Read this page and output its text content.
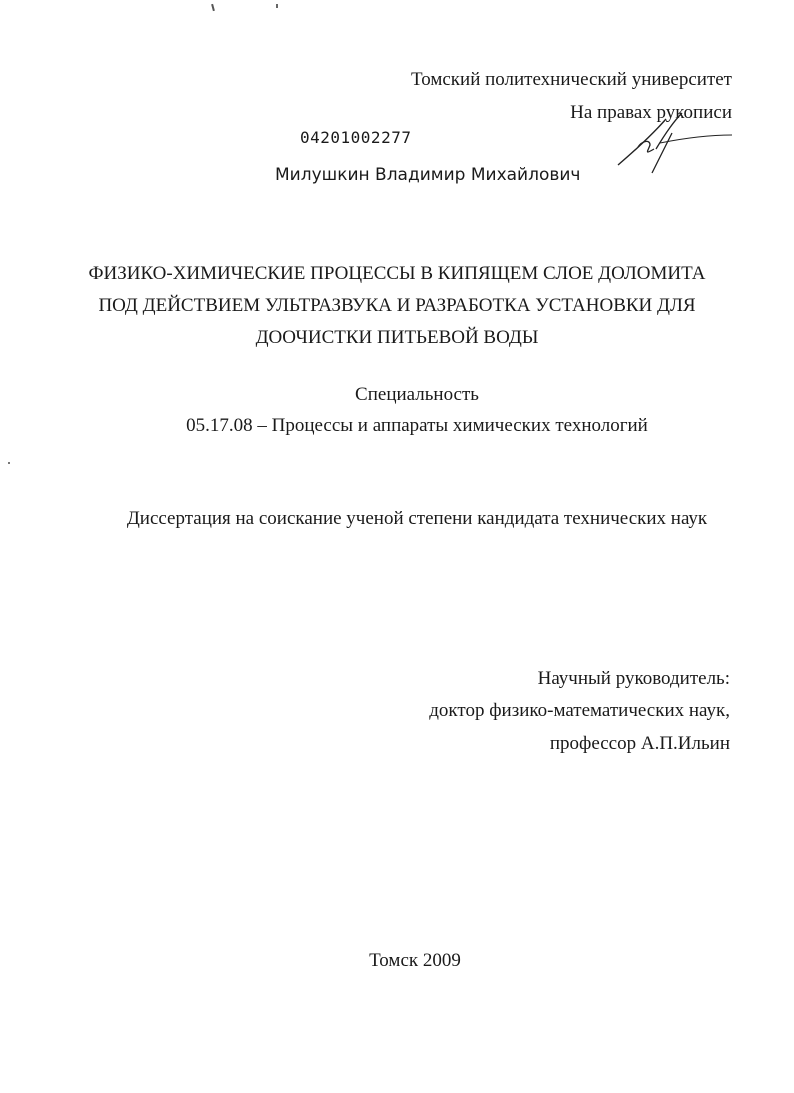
Томский политехнический университет
На правах рукописи
04201002277
Милушкин Владимир Михайлович
ФИЗИКО-ХИМИЧЕСКИЕ ПРОЦЕССЫ В КИПЯЩЕМ СЛОЕ ДОЛОМИТА
ПОД ДЕЙСТВИЕМ УЛЬТРАЗВУКА И РАЗРАБОТКА УСТАНОВКИ ДЛЯ
ДООЧИСТКИ ПИТЬЕВОЙ ВОДЫ
Специальность
05.17.08 – Процессы и аппараты химических технологий
Диссертация на соискание ученой степени кандидата технических наук
Научный руководитель:
доктор физико-математических наук,
профессор А.П.Ильин
Томск 2009
